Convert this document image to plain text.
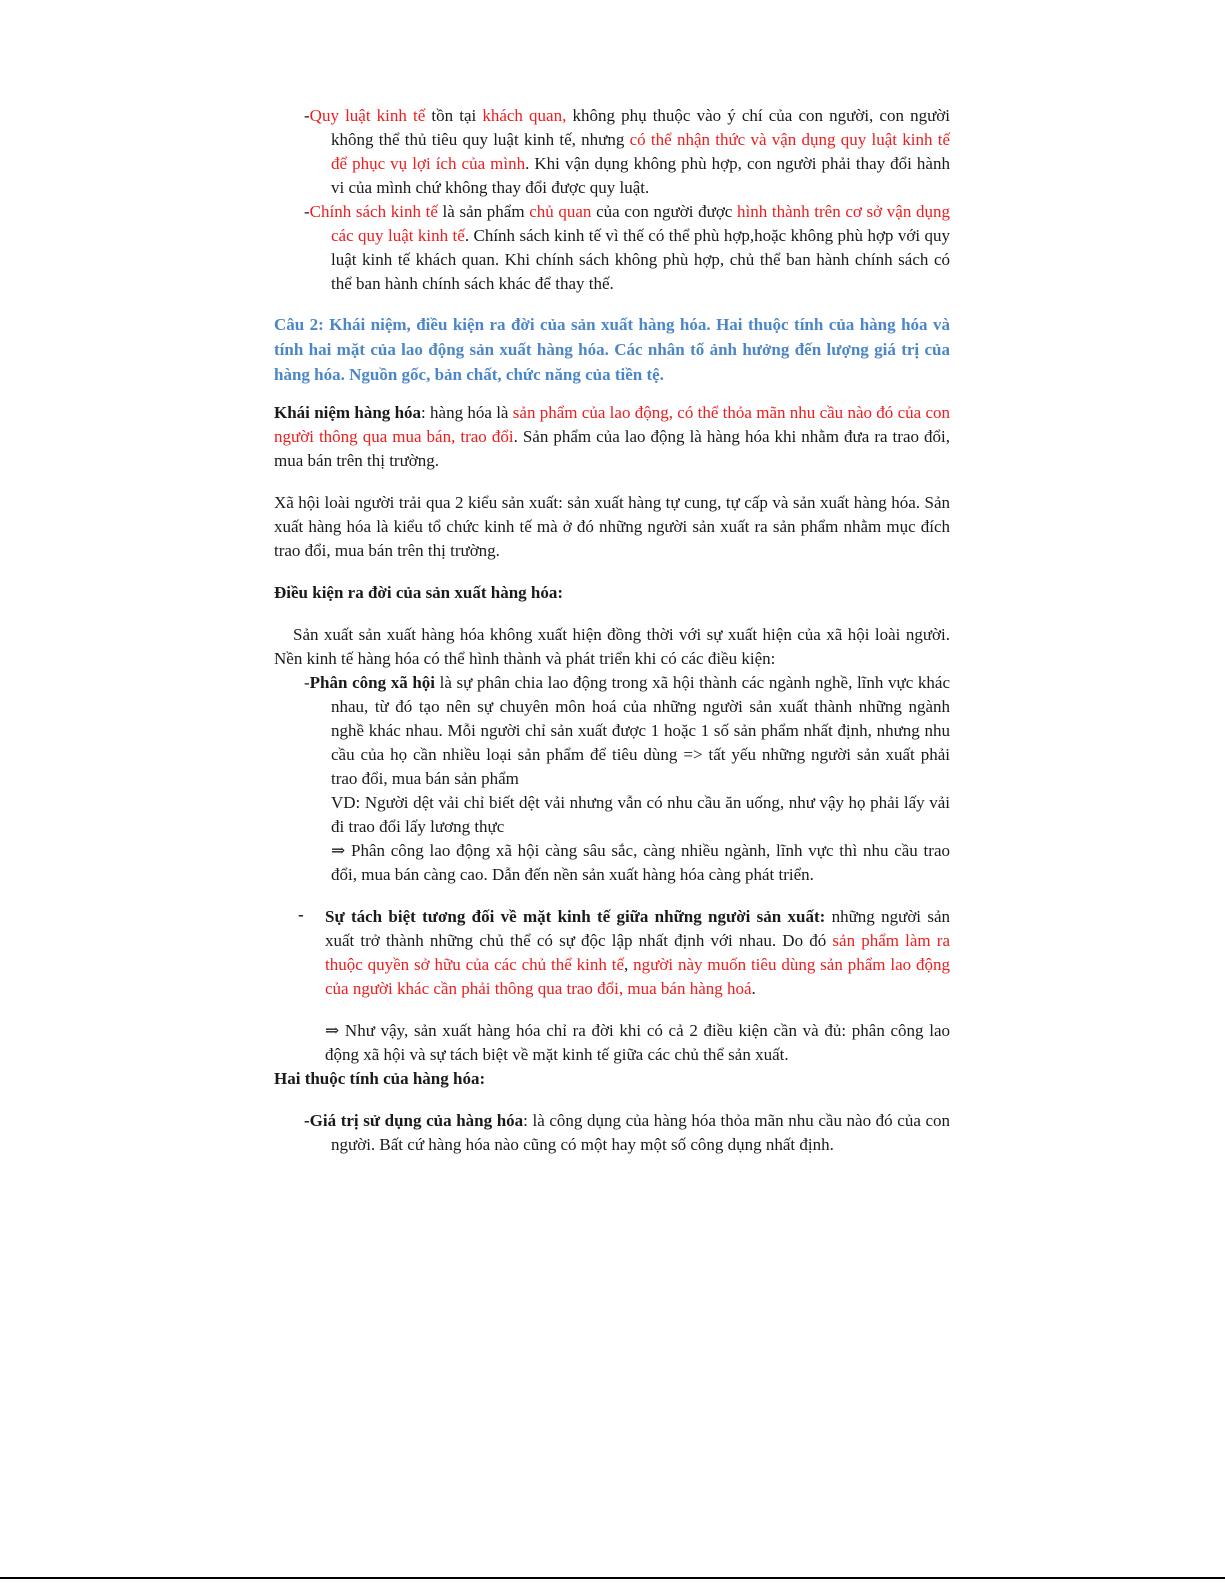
-Quy luật kinh tế tồn tại khách quan, không phụ thuộc vào ý chí của con người, con người không thể thủ tiêu quy luật kinh tế, nhưng có thể nhận thức và vận dụng quy luật kinh tế để phục vụ lợi ích của mình. Khi vận dụng không phù hợp, con người phải thay đổi hành vi của mình chứ không thay đổi được quy luật.

-Chính sách kinh tế là sản phẩm chủ quan của con người được hình thành trên cơ sở vận dụng các quy luật kinh tế. Chính sách kinh tế vì thế có thể phù hợp,hoặc không phù hợp với quy luật kinh tế khách quan. Khi chính sách không phù hợp, chủ thể ban hành chính sách có thể ban hành chính sách khác để thay thế.

Câu 2: Khái niệm, điều kiện ra đời của sản xuất hàng hóa. Hai thuộc tính của hàng hóa và tính hai mặt của lao động sản xuất hàng hóa. Các nhân tố ảnh hưởng đến lượng giá trị của hàng hóa. Nguồn gốc, bản chất, chức năng của tiền tệ.

Khái niệm hàng hóa: hàng hóa là sản phẩm của lao động, có thể thỏa mãn nhu cầu nào đó của con người thông qua mua bán, trao đổi. Sản phẩm của lao động là hàng hóa khi nhằm đưa ra trao đổi, mua bán trên thị trường.

Xã hội loài người trải qua 2 kiểu sản xuất: sản xuất hàng tự cung, tự cấp và sản xuất hàng hóa. Sản xuất hàng hóa là kiểu tổ chức kinh tế mà ở đó những người sản xuất ra sản phẩm nhằm mục đích trao đổi, mua bán trên thị trường.

Điều kiện ra đời của sản xuất hàng hóa:

Sản xuất sản xuất hàng hóa không xuất hiện đồng thời với sự xuất hiện của xã hội loài người. Nền kinh tế hàng hóa có thể hình thành và phát triển khi có các điều kiện:

-Phân công xã hội là sự phân chia lao động trong xã hội thành các ngành nghề, lĩnh vực khác nhau, từ đó tạo nên sự chuyên môn hoá của những người sản xuất thành những ngành nghề khác nhau. Mỗi người chỉ sản xuất được 1 hoặc 1 số sản phẩm nhất định, nhưng nhu cầu của họ cần nhiều loại sản phẩm để tiêu dùng => tất yếu những người sản xuất phải trao đổi, mua bán sản phẩm

VD: Người dệt vải chỉ biết dệt vải nhưng vẫn có nhu cầu ăn uống, như vậy họ phải lấy vải đi trao đổi lấy lương thực

⇒ Phân công lao động xã hội càng sâu sắc, càng nhiều ngành, lĩnh vực thì nhu cầu trao đổi, mua bán càng cao. Dẫn đến nền sản xuất hàng hóa càng phát triển.

-	Sự tách biệt tương đối về mặt kinh tế giữa những người sản xuất: những người sản xuất trở thành những chủ thể có sự độc lập nhất định với nhau. Do đó sản phẩm làm ra thuộc quyền sở hữu của các chủ thể kinh tế, người này muốn tiêu dùng sản phẩm lao động của người khác cần phải thông qua trao đổi, mua bán hàng hoá.

⇒ Như vậy, sản xuất hàng hóa chỉ ra đời khi có cả 2 điều kiện cần và đủ: phân công lao động xã hội và sự tách biệt về mặt kinh tế giữa các chủ thể sản xuất.

Hai thuộc tính của hàng hóa:

-Giá trị sử dụng của hàng hóa: là công dụng của hàng hóa thỏa mãn nhu cầu nào đó của con người. Bất cứ hàng hóa nào cũng có một hay một số công dụng nhất định.
